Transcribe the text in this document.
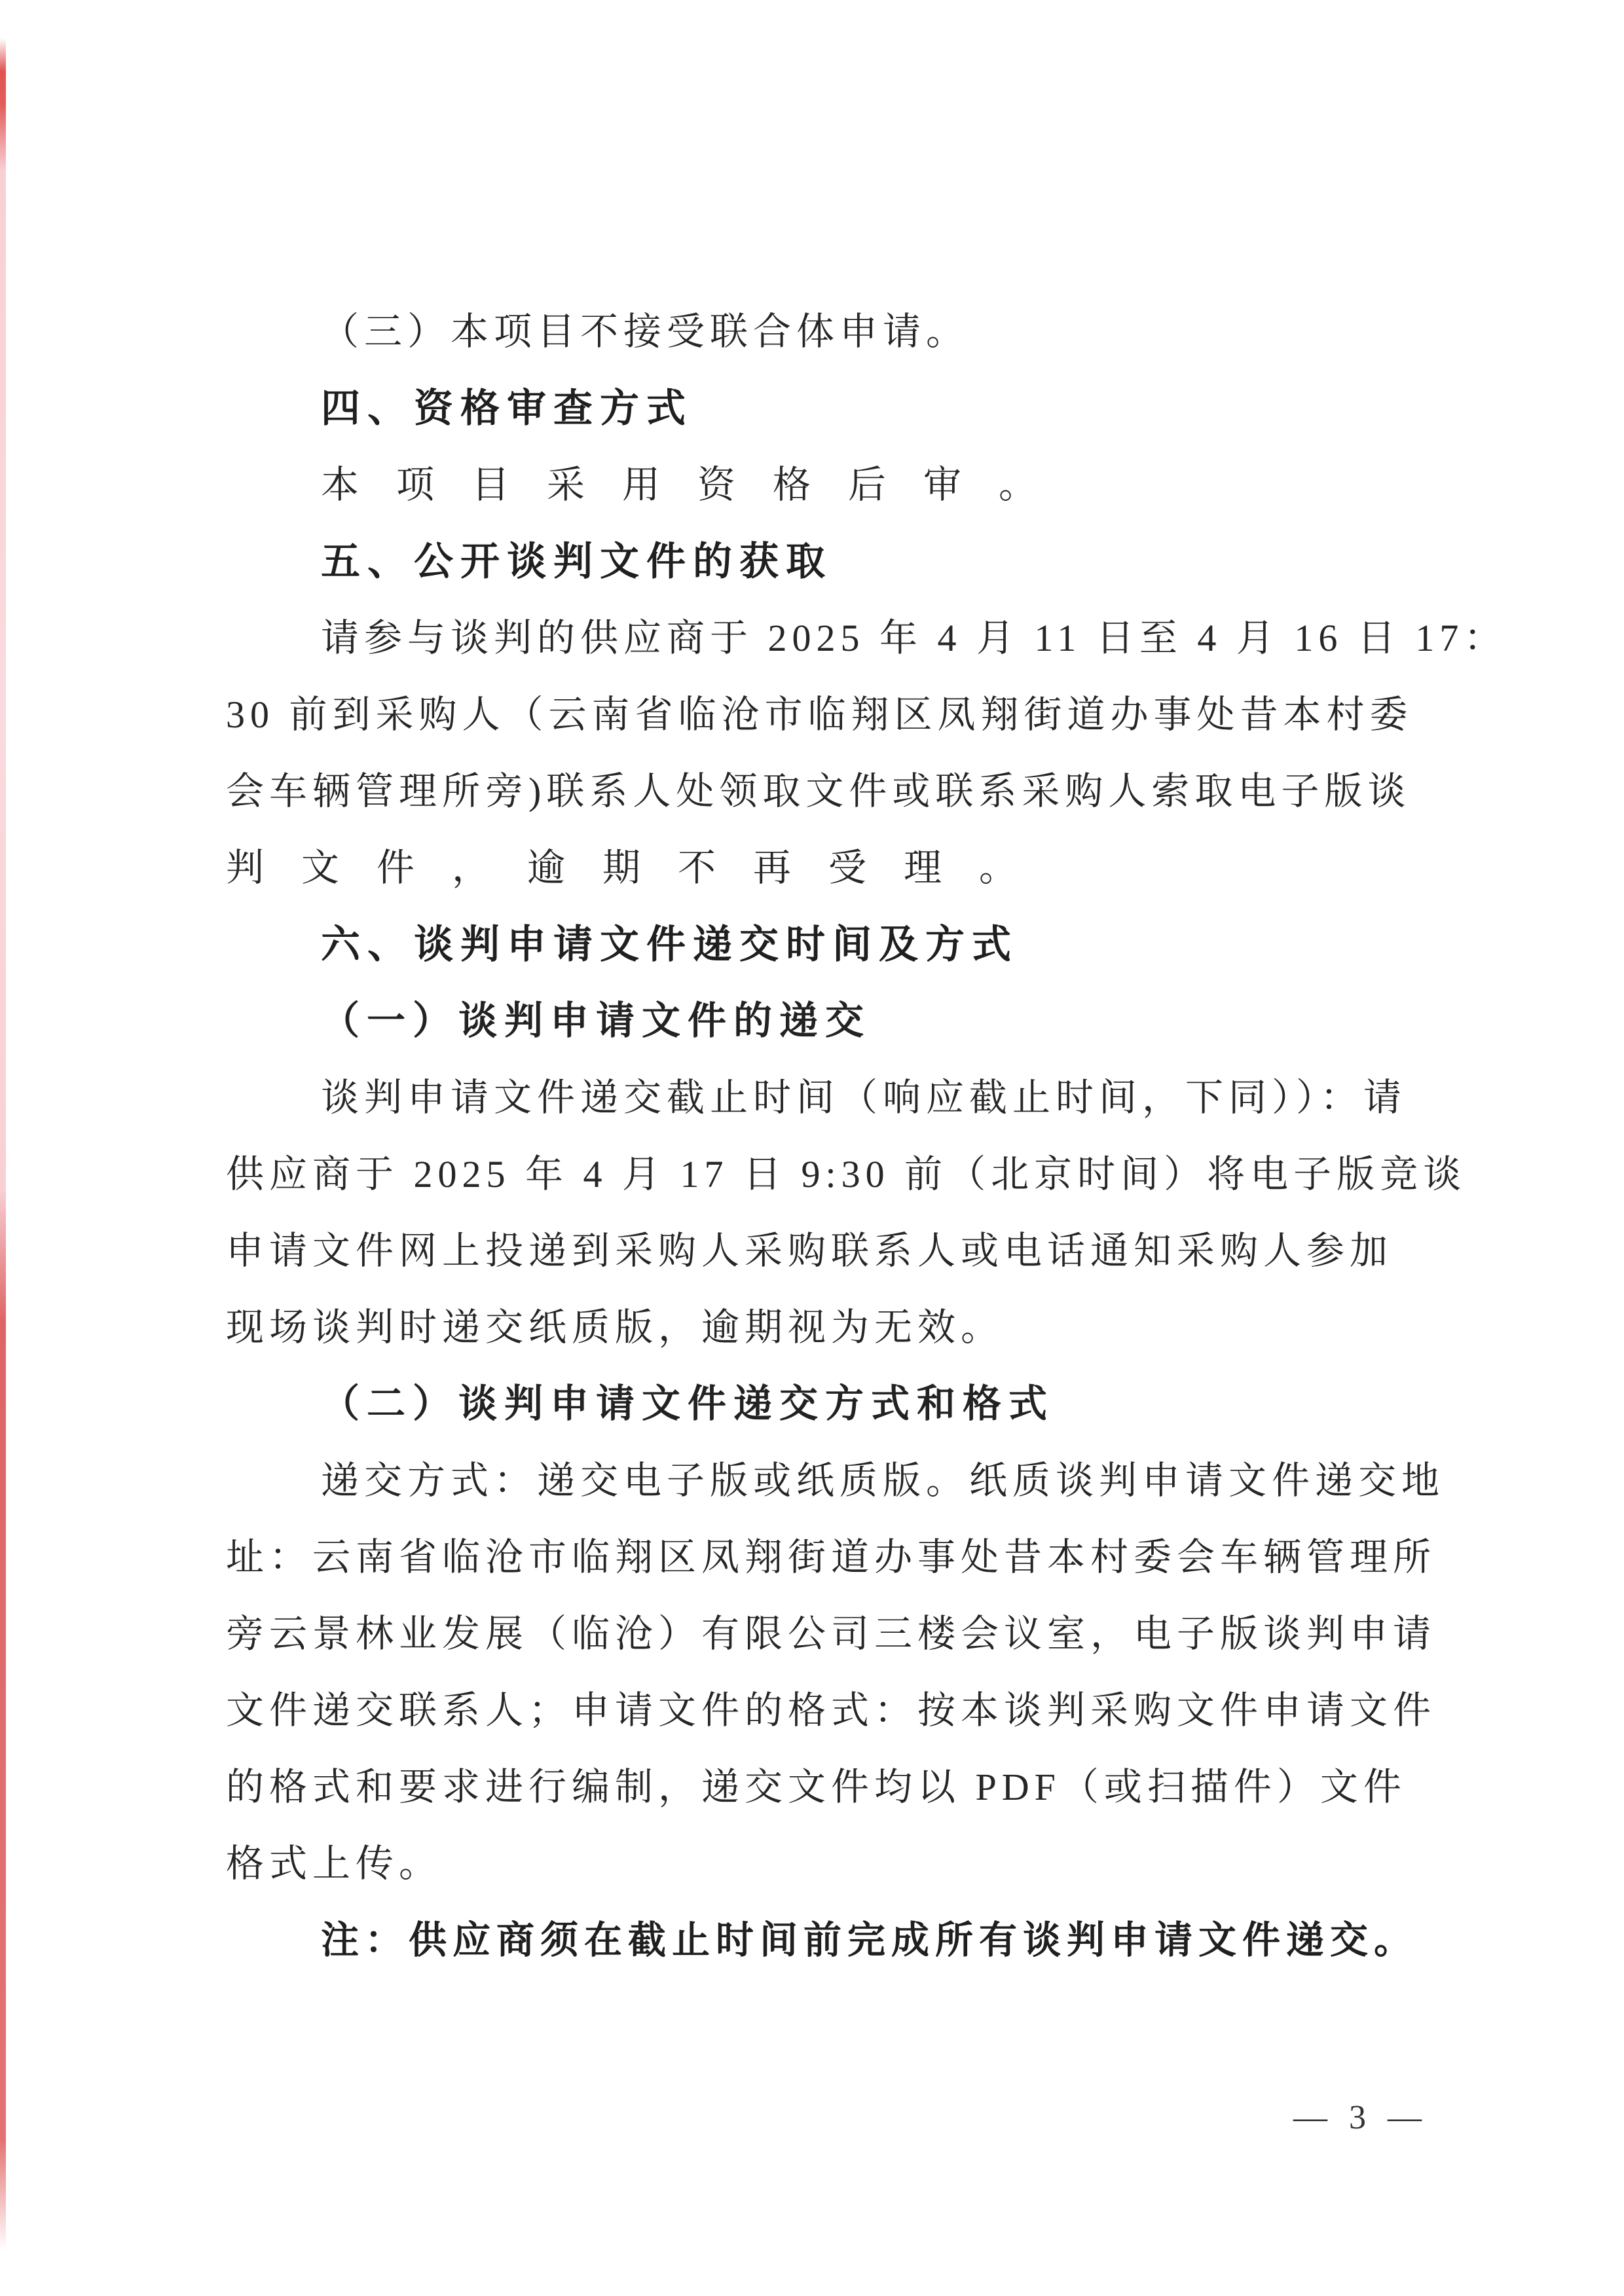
（三）本项目不接受联合体申请。
四、资格审查方式
本项目采用资格后审。
五、公开谈判文件的获取
请参与谈判的供应商于 2025 年 4 月 11 日至 4 月 16 日 17：
30 前到采购人（云南省临沧市临翔区凤翔街道办事处昔本村委
会车辆管理所旁)联系人处领取文件或联系采购人索取电子版谈
判文件，逾期不再受理。
六、谈判申请文件递交时间及方式
（一）谈判申请文件的递交
谈判申请文件递交截止时间（响应截止时间，下同））：请
供应商于 2025 年 4 月 17 日 9:30 前（北京时间）将电子版竞谈
申请文件网上投递到采购人采购联系人或电话通知采购人参加
现场谈判时递交纸质版，逾期视为无效。
（二）谈判申请文件递交方式和格式
递交方式：递交电子版或纸质版。纸质谈判申请文件递交地
址：云南省临沧市临翔区凤翔街道办事处昔本村委会车辆管理所
旁云景林业发展（临沧）有限公司三楼会议室，电子版谈判申请
文件递交联系人；申请文件的格式：按本谈判采购文件申请文件
的格式和要求进行编制，递交文件均以 PDF（或扫描件）文件
格式上传。
注：供应商须在截止时间前完成所有谈判申请文件递交。
— 3 —
